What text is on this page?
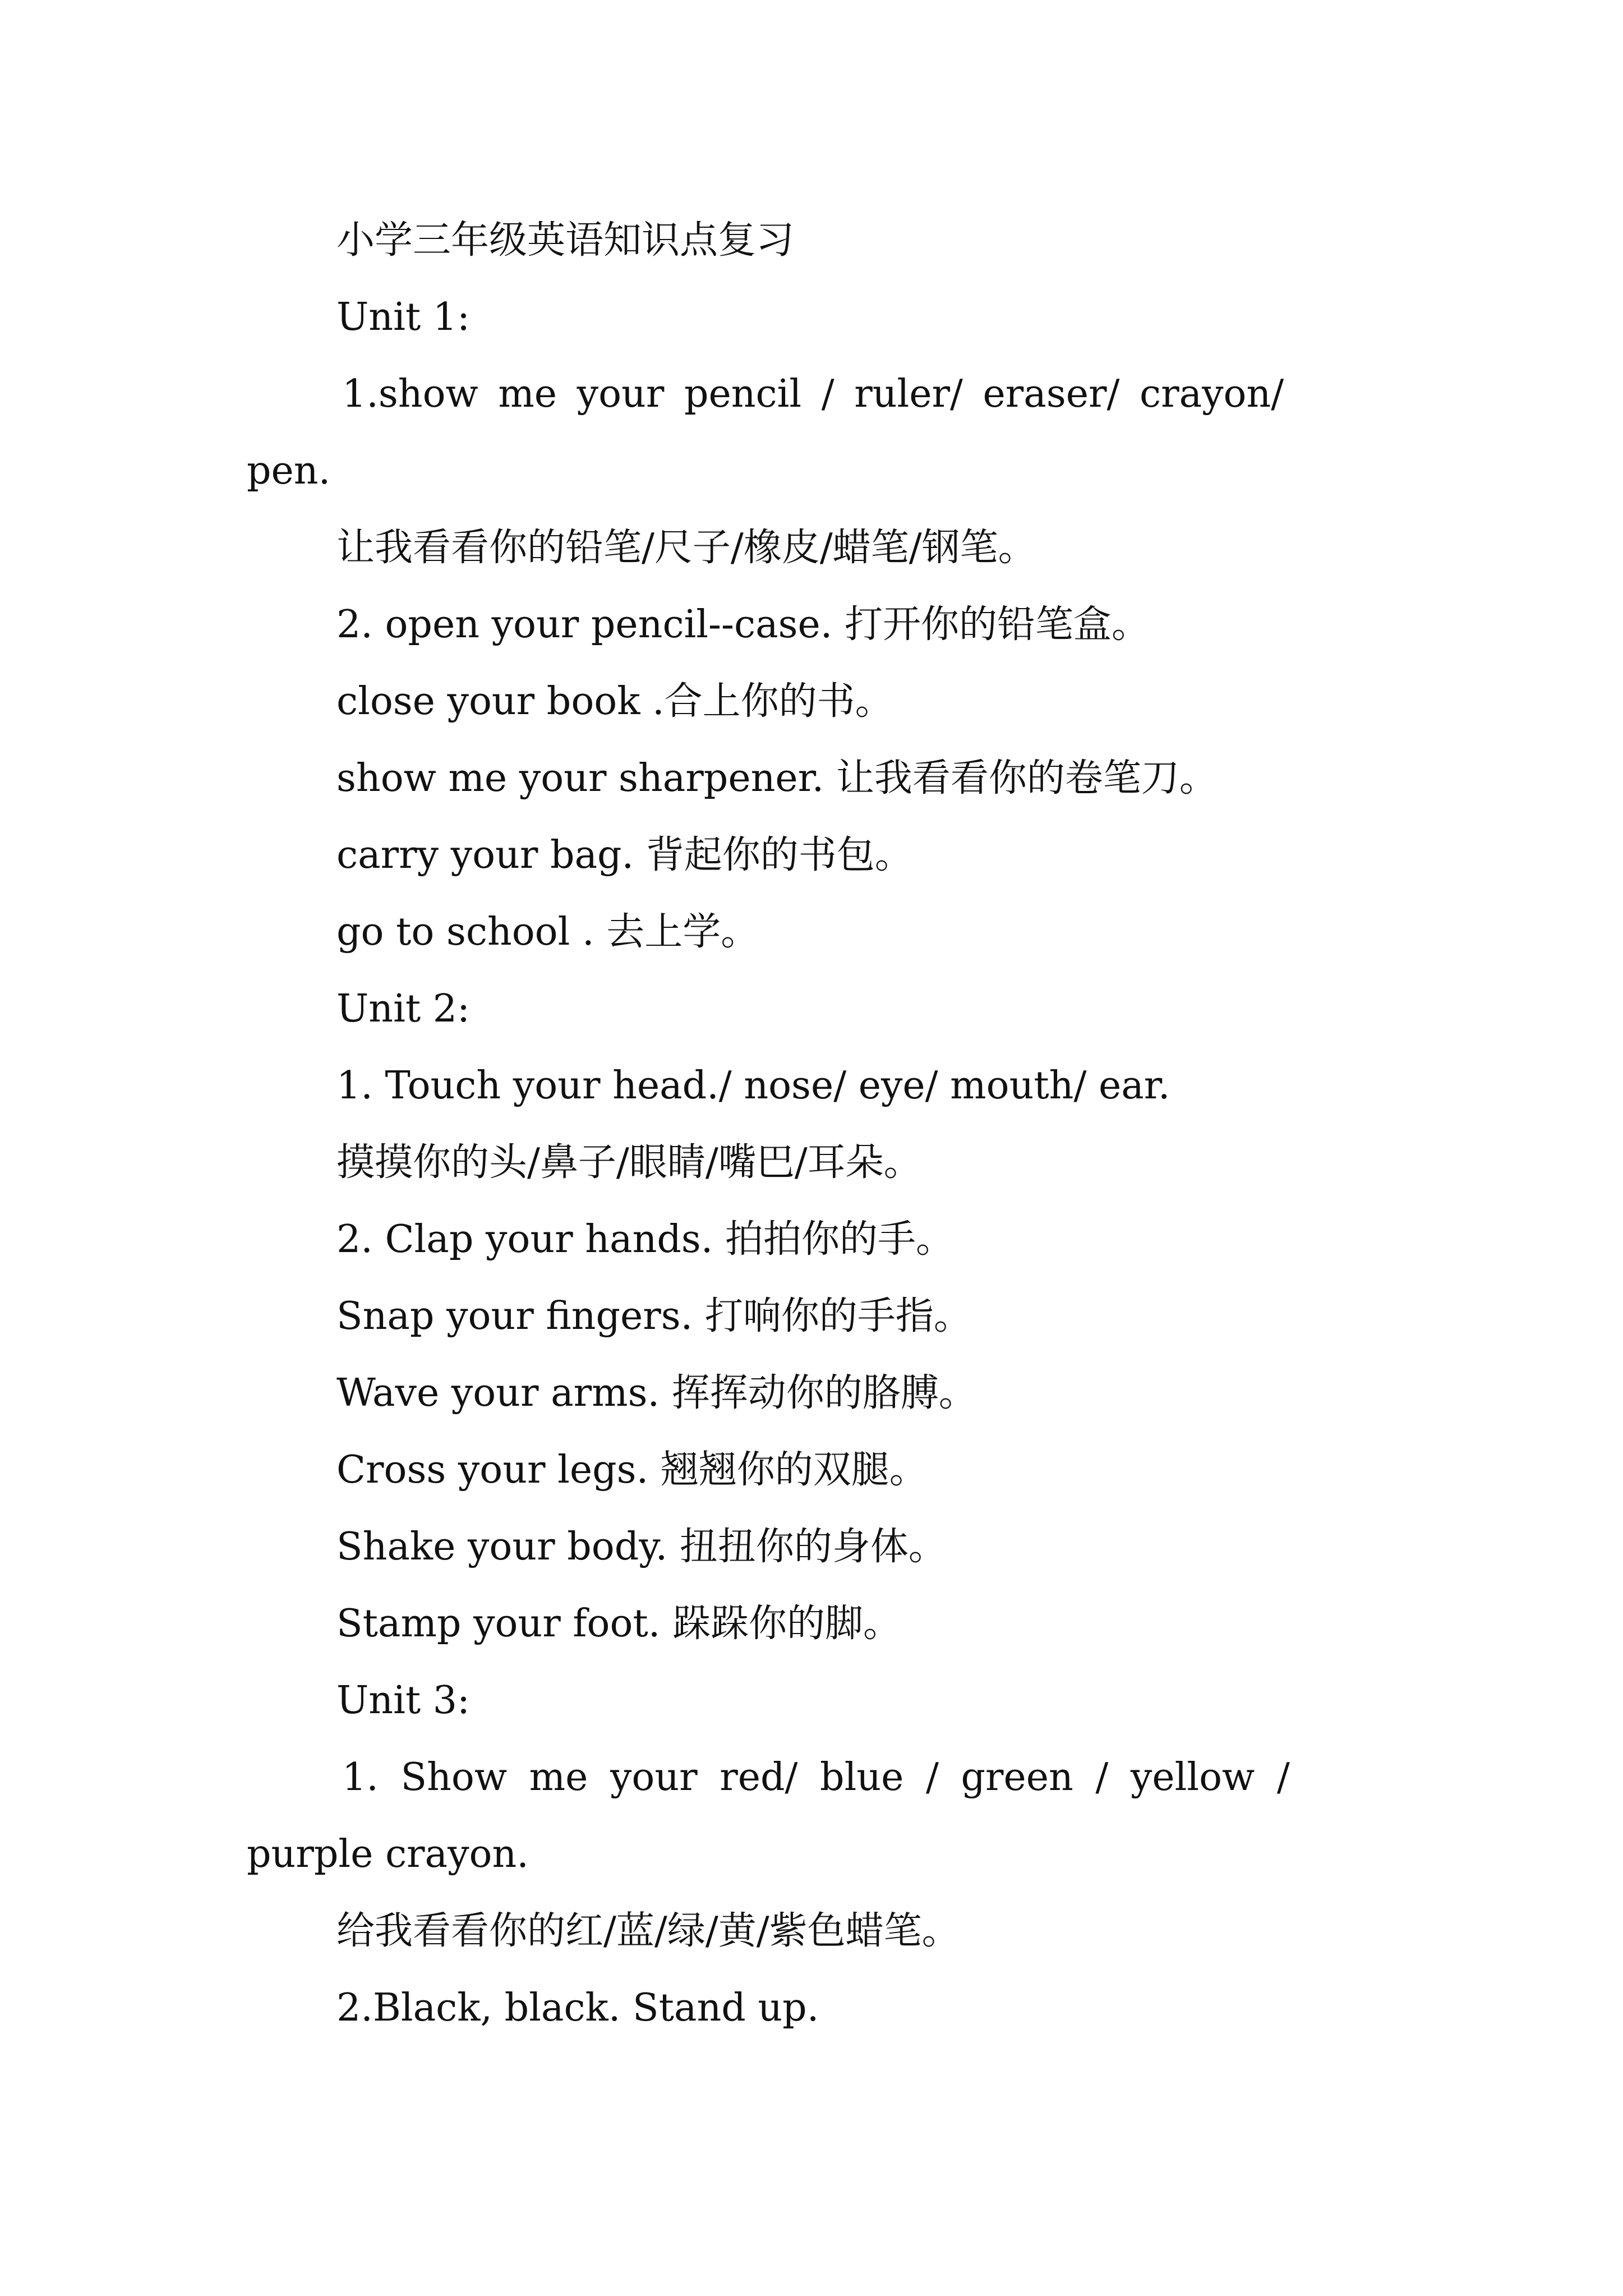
小学三年级英语知识点复习
Unit 1:
1.show me your pencil / ruler/ eraser/ crayon/
pen.
让我看看你的铅笔/尺子/橡皮/蜡笔/钢笔。
2. open your pencil--case. 打开你的铅笔盒。
close your book .合上你的书。
show me your sharpener. 让我看看你的卷笔刀。
carry your bag. 背起你的书包。
go to school . 去上学。
Unit 2:
1. Touch your head./ nose/ eye/ mouth/ ear.
摸摸你的头/鼻子/眼睛/嘴巴/耳朵。
2. Clap your hands. 拍拍你的手。
Snap your fingers. 打响你的手指。
Wave your arms. 挥挥动你的胳膊。
Cross your legs. 翘翘你的双腿。
Shake your body. 扭扭你的身体。
Stamp your foot. 跺跺你的脚。
Unit 3:
1. Show me your red/ blue / green / yellow /
purple crayon.
给我看看你的红/蓝/绿/黄/紫色蜡笔。
2.Black, black. Stand up.
